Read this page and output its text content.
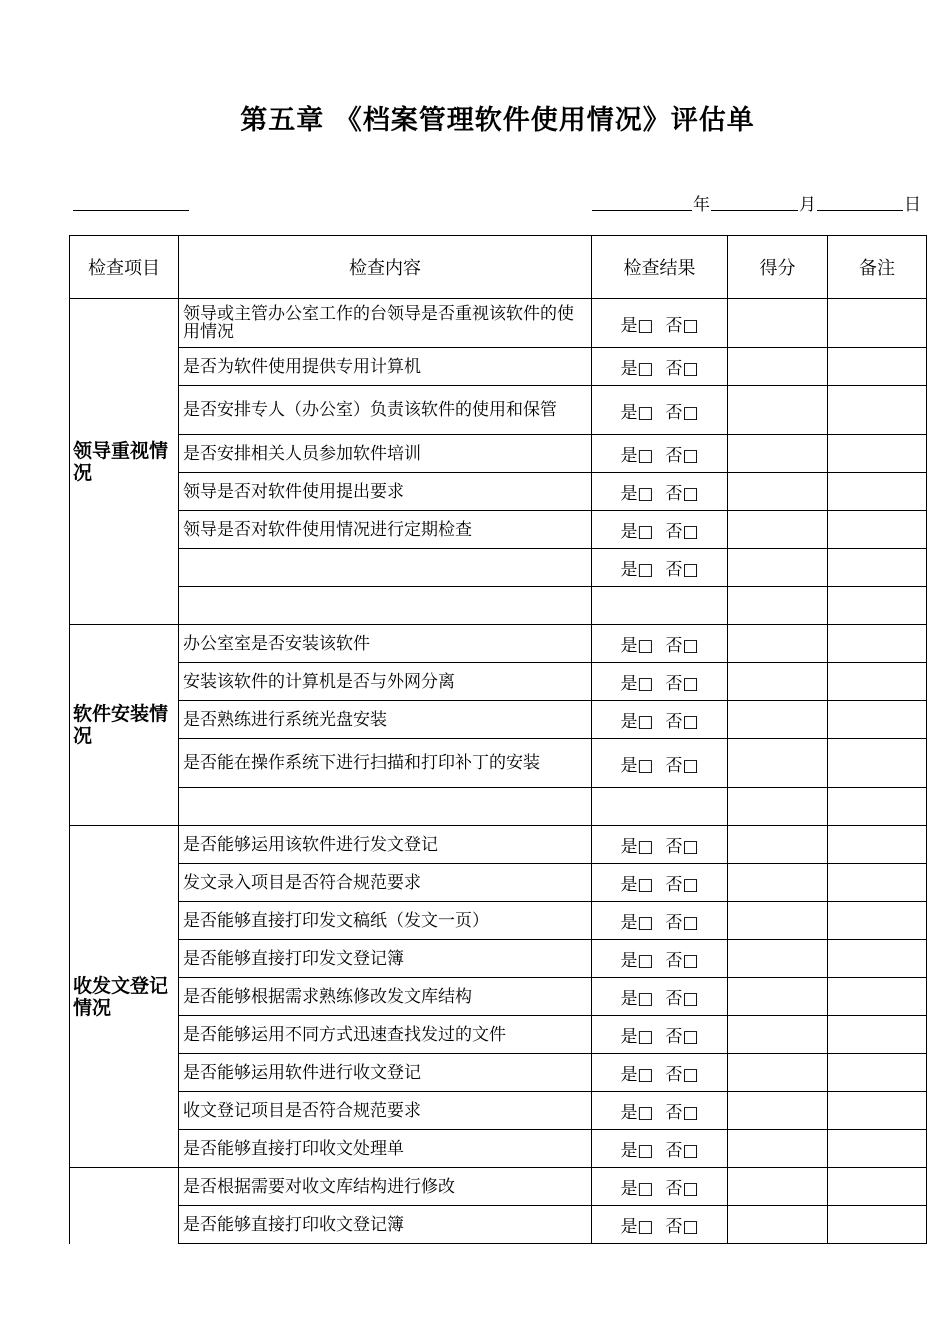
第五章 《档案管理软件使用情况》评估单
年	月	日
检查项目	检查内容	检查结果	得分	备注
领导重视情况	领导或主管办公室工作的台领导是否重视该软件的使用情况	是□ 否□		
	是否为软件使用提供专用计算机	是□ 否□		
	是否安排专人（办公室）负责该软件的使用和保管	是□ 否□		
	是否安排相关人员参加软件培训	是□ 否□		
	领导是否对软件使用提出要求	是□ 否□		
	领导是否对软件使用情况进行定期检查	是□ 否□		
		是□ 否□		

软件安装情况	办公室室是否安装该软件	是□ 否□		
	安装该软件的计算机是否与外网分离	是□ 否□		
	是否熟练进行系统光盘安装	是□ 否□		
	是否能在操作系统下进行扫描和打印补丁的安装	是□ 否□		

收发文登记情况	是否能够运用该软件进行发文登记	是□ 否□		
	发文录入项目是否符合规范要求	是□ 否□		
	是否能够直接打印发文稿纸（发文一页）	是□ 否□		
	是否能够直接打印发文登记簿	是□ 否□		
	是否能够根据需求熟练修改发文库结构	是□ 否□		
	是否能够运用不同方式迅速查找发过的文件	是□ 否□		
	是否能够运用软件进行收文登记	是□ 否□		
	收文登记项目是否符合规范要求	是□ 否□		
	是否能够直接打印收文处理单	是□ 否□		
	是否根据需要对收文库结构进行修改	是□ 否□		
	是否能够直接打印收文登记簿	是□ 否□		
